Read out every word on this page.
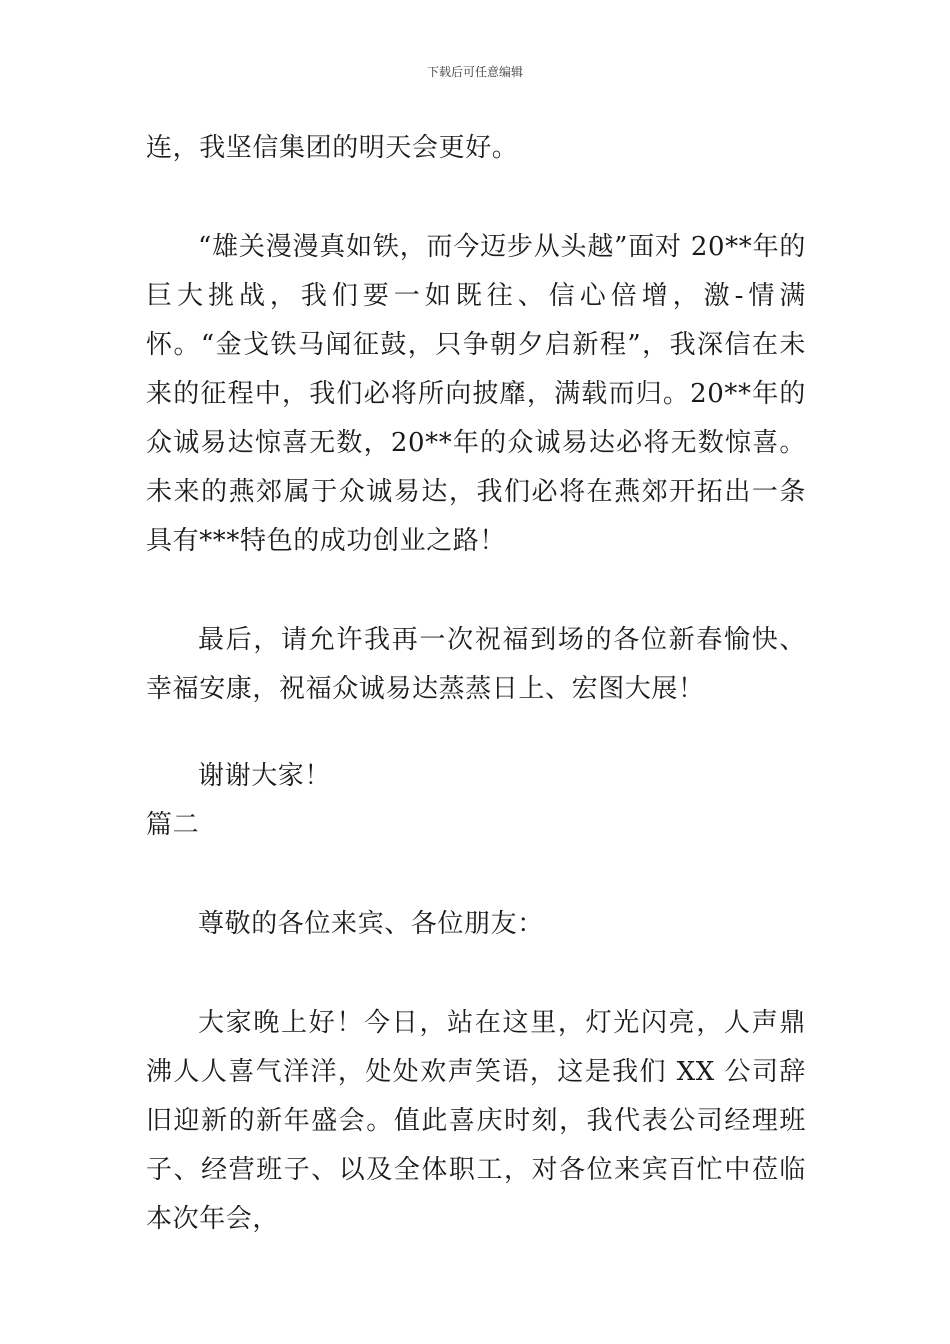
下载后可任意编辑

连，我坚信集团的明天会更好。

“雄关漫漫真如铁，而今迈步从头越”面对 20**年的巨大挑战，我们要一如既往、信心倍增，激-情满怀。“金戈铁马闻征鼓，只争朝夕启新程”，我深信在未来的征程中，我们必将所向披靡，满载而归。20**年的众诚易达惊喜无数，20**年的众诚易达必将无数惊喜。未来的燕郊属于众诚易达，我们必将在燕郊开拓出一条具有***特色的成功创业之路！

最后，请允许我再一次祝福到场的各位新春愉快、幸福安康，祝福众诚易达蒸蒸日上、宏图大展！

谢谢大家！

篇二

尊敬的各位来宾、各位朋友：

大家晚上好！今日，站在这里，灯光闪亮，人声鼎沸人人喜气洋洋，处处欢声笑语，这是我们 XX 公司辞旧迎新的新年盛会。值此喜庆时刻，我代表公司经理班子、经营班子、以及全体职工，对各位来宾百忙中莅临本次年会，
